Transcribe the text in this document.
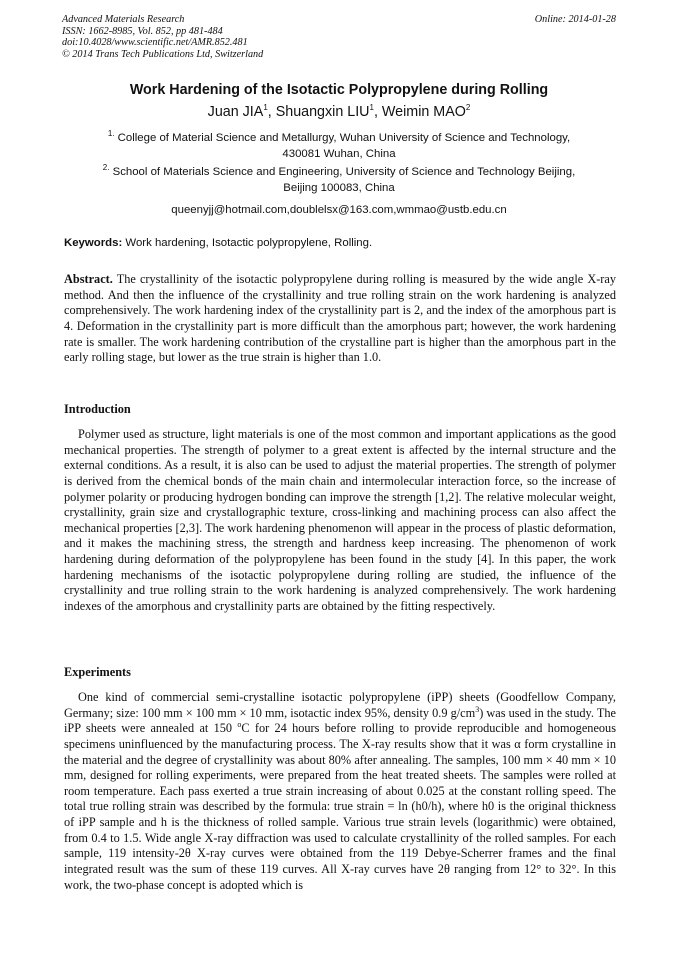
Advanced Materials Research	Online: 2014-01-28
ISSN: 1662-8985, Vol. 852, pp 481-484
doi:10.4028/www.scientific.net/AMR.852.481
© 2014 Trans Tech Publications Ltd, Switzerland
Work Hardening of the Isotactic Polypropylene during Rolling
Juan JIA$^1$, Shuangxin LIU$^1$, Weimin MAO$^2$
$^{1.}$ College of Material Science and Metallurgy, Wuhan University of Science and Technology,
430081 Wuhan, China
$^{2.}$ School of Materials Science and Engineering, University of Science and Technology Beijing,
Beijing 100083, China
queenyjj@hotmail.com,doublelsx@163.com,wmmao@ustb.edu.cn
Keywords: Work hardening, Isotactic polypropylene, Rolling.
Abstract. The crystallinity of the isotactic polypropylene during rolling is measured by the wide angle X-ray method. And then the influence of the crystallinity and true rolling strain on the work hardening is analyzed comprehensively. The work hardening index of the crystallinity part is 2, and the index of the amorphous part is 4. Deformation in the crystallinity part is more difficult than the amorphous part; however, the work hardening rate is smaller. The work hardening contribution of the crystalline part is higher than the amorphous part in the early rolling stage, but lower as the true strain is higher than 1.0.
Introduction
Polymer used as structure, light materials is one of the most common and important applications as the good mechanical properties. The strength of polymer to a great extent is affected by the internal structure and the external conditions. As a result, it is also can be used to adjust the material properties. The strength of polymer is derived from the chemical bonds of the main chain and intermolecular interaction force, so the increase of polymer polarity or producing hydrogen bonding can improve the strength [1,2]. The relative molecular weight, crystallinity, grain size and crystallographic texture, cross-linking and machining process can also affect the mechanical properties [2,3]. The work hardening phenomenon will appear in the process of plastic deformation, and it makes the machining stress, the strength and hardness keep increasing. The phenomenon of work hardening during deformation of the polypropylene has been found in the study [4]. In this paper, the work hardening mechanisms of the isotactic polypropylene during rolling are studied, the influence of the crystallinity and true rolling strain to the work hardening is analyzed comprehensively. The work hardening indexes of the amorphous and crystallinity parts are obtained by the fitting respectively.
Experiments
One kind of commercial semi-crystalline isotactic polypropylene (iPP) sheets (Goodfellow Company, Germany; size: 100 mm × 100 mm × 10 mm, isotactic index 95%, density 0.9 $g/cm^3$) was used in the study. The iPP sheets were annealed at 150 $^o$C for 24 hours before rolling to provide reproducible and homogeneous specimens uninfluenced by the manufacturing process. The X-ray results show that it was α form crystalline in the material and the degree of crystallinity was about 80% after annealing. The samples, 100 mm × 40 mm × 10 mm, designed for rolling experiments, were prepared from the heat treated sheets. The samples were rolled at room temperature. Each pass exerted a true strain increasing of about 0.025 at the constant rolling speed. The total true rolling strain was described by the formula: true strain = ln (h0/h), where h0 is the original thickness of iPP sample and h is the thickness of rolled sample. Various true strain levels (logarithmic) were obtained, from 0.4 to 1.5. Wide angle X-ray diffraction was used to calculate crystallinity of the rolled samples. For each sample, 119 intensity-2θ X-ray curves were obtained from the 119 Debye-Scherrer frames and the final integrated result was the sum of these 119 curves. All X-ray curves have 2θ ranging from 12° to 32°. In this work, the two-phase concept is adopted which is
